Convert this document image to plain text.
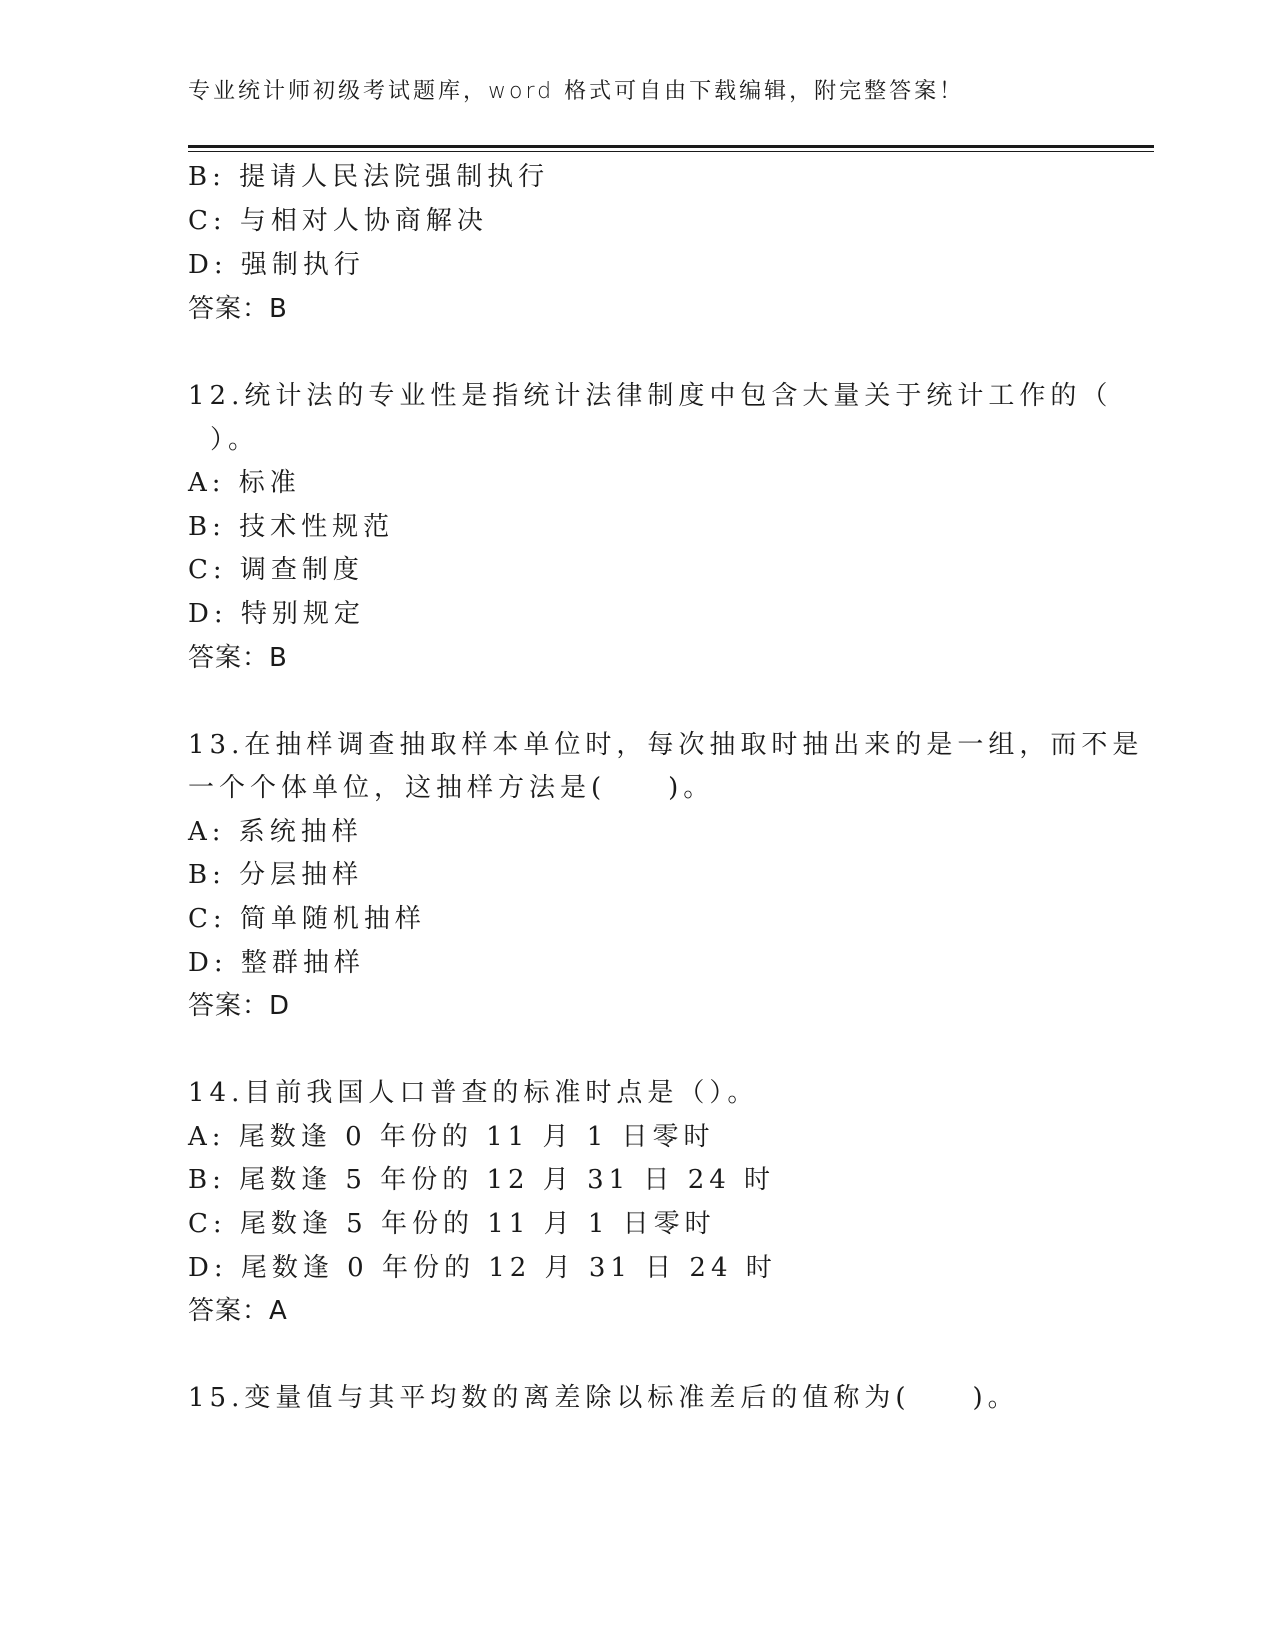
专业统计师初级考试题库，word 格式可自由下载编辑，附完整答案！
B: 提请人民法院强制执行
C: 与相对人协商解决
D: 强制执行
答案：B
12.统计法的专业性是指统计法律制度中包含大量关于统计工作的（
）。
A: 标准
B: 技术性规范
C: 调查制度
D: 特别规定
答案：B
13.在抽样调查抽取样本单位时，每次抽取时抽出来的是一组，而不是
一个个体单位，这抽样方法是(　　)。
A: 系统抽样
B: 分层抽样
C: 简单随机抽样
D: 整群抽样
答案：D
14.目前我国人口普查的标准时点是（）。
A: 尾数逢 0 年份的 11 月 1 日零时
B: 尾数逢 5 年份的 12 月 31 日 24 时
C: 尾数逢 5 年份的 11 月 1 日零时
D: 尾数逢 0 年份的 12 月 31 日 24 时
答案：A
15.变量值与其平均数的离差除以标准差后的值称为(　　)。
